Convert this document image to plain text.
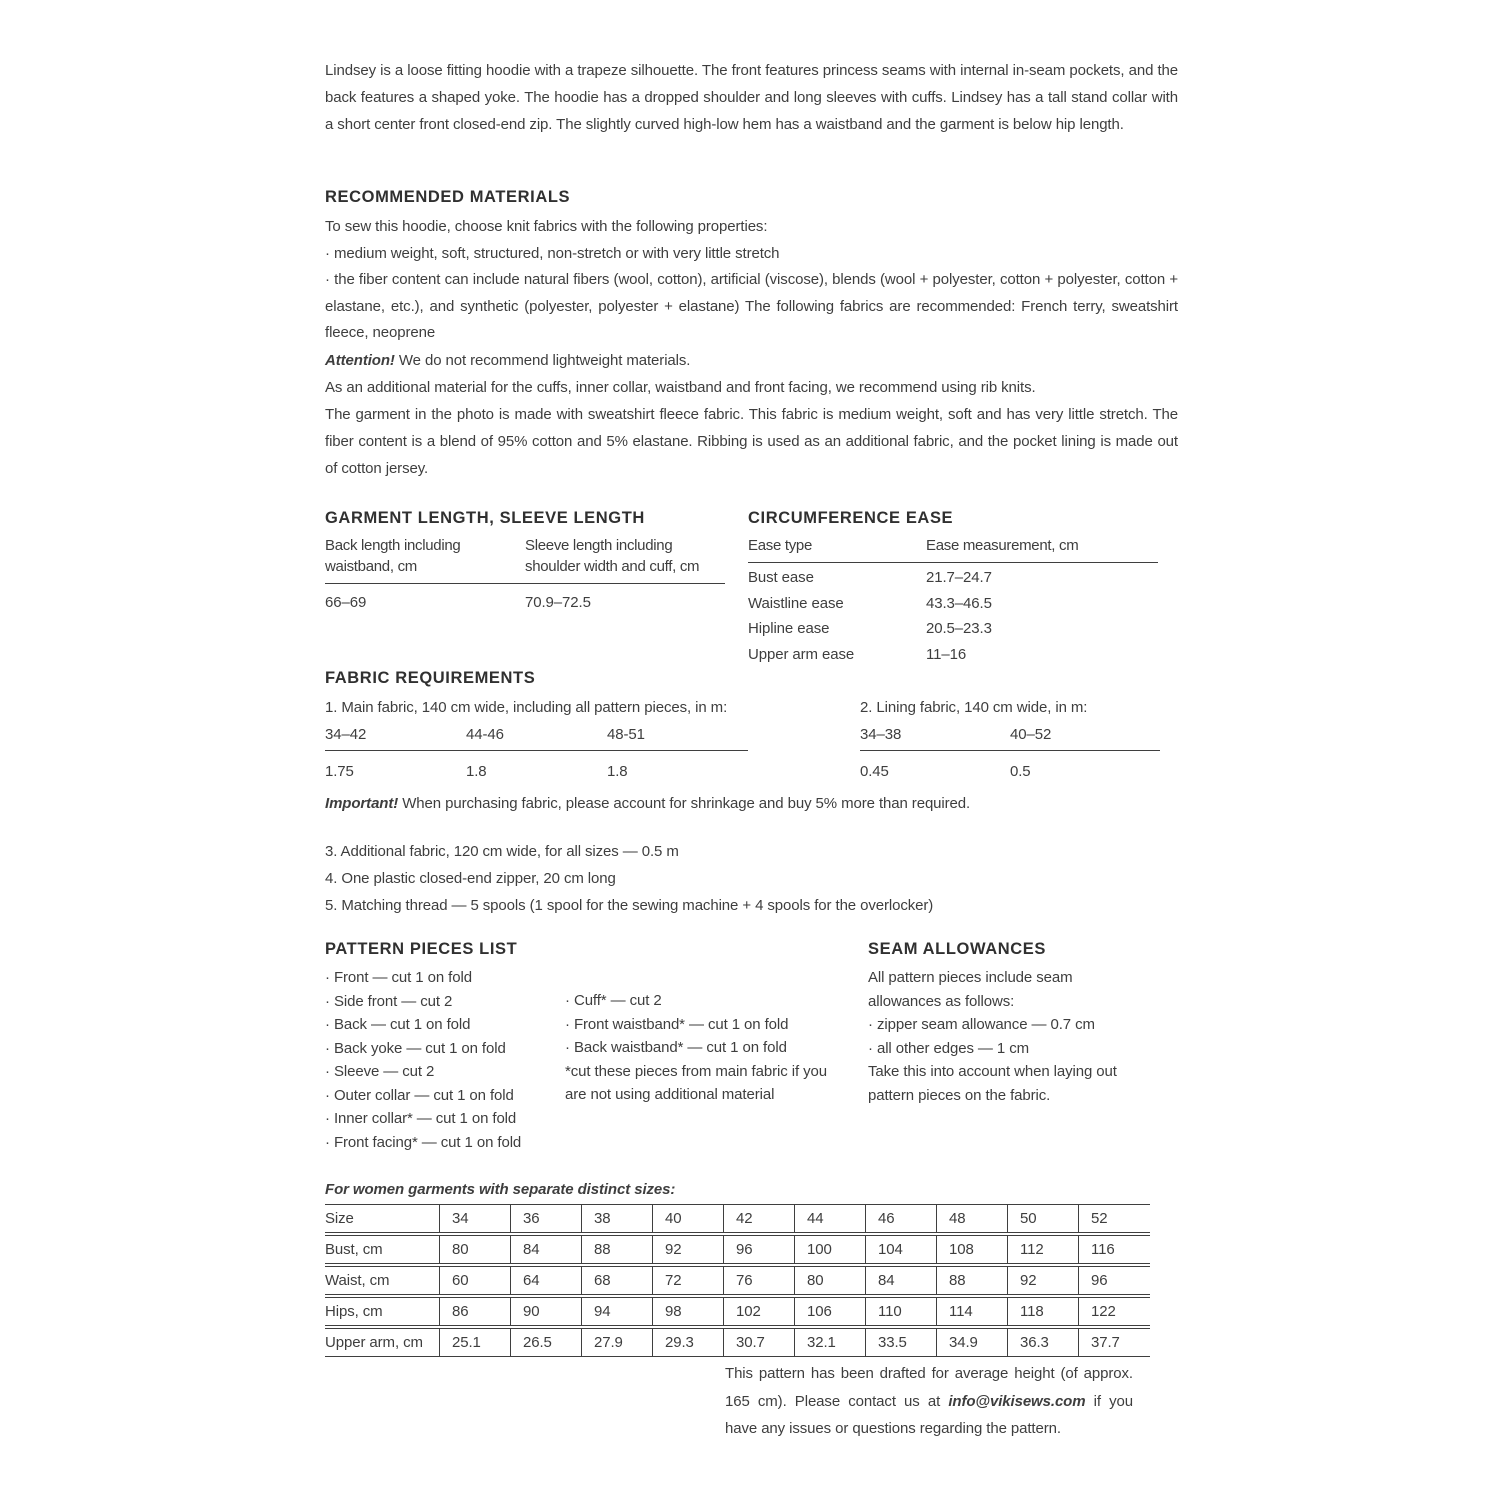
Lindsey is a loose fitting hoodie with a trapeze silhouette. The front features princess seams with internal in-seam pockets, and the back features a shaped yoke. The hoodie has a dropped shoulder and long sleeves with cuffs. Lindsey has a tall stand collar with a short center front closed-end zip. The slightly curved high-low hem has a waistband and the garment is below hip length.

RECOMMENDED MATERIALS

To sew this hoodie, choose knit fabrics with the following properties:

· medium weight, soft, structured, non-stretch or with very little stretch

· the fiber content can include natural fibers (wool, cotton), artificial (viscose), blends (wool + polyester, cotton + polyester, cotton + elastane, etc.), and synthetic (polyester, polyester + elastane) The following fabrics are recommended: French terry, sweatshirt fleece, neoprene

Attention! We do not recommend lightweight materials.

As an additional material for the cuffs, inner collar, waistband and front facing, we recommend using rib knits.

The garment in the photo is made with sweatshirt fleece fabric. This fabric is medium weight, soft and has very little stretch. The fiber content is a blend of 95% cotton and 5% elastane. Ribbing is used as an additional fabric, and the pocket lining is made out of cotton jersey.

GARMENT LENGTH, SLEEVE LENGTH
Back length including waistband, cm	Sleeve length including shoulder width and cuff, cm
66–69	70.9–72.5
CIRCUMFERENCE EASE
Ease type	Ease measurement, cm
Bust ease	21.7–24.7
Waistline ease	43.3–46.5
Hipline ease	20.5–23.3
Upper arm ease	11–16
FABRIC REQUIREMENTS

1. Main fabric, 140 cm wide, including all pattern pieces, in m:

34–42	44-46	48-51
1.75	1.8	1.8

2. Lining fabric, 140 cm wide, in m:

34–38	40–52
0.45	0.5

Important! When purchasing fabric, please account for shrinkage and buy 5% more than required.

3. Additional fabric, 120 cm wide, for all sizes — 0.5 m
4. One plastic closed-end zipper, 20 cm long
5. Matching thread — 5 spools (1 spool for the sewing machine + 4 spools for the overlocker)
PATTERN PIECES LIST
· Front — cut 1 on fold
· Side front — cut 2
· Back — cut 1 on fold
· Back yoke — cut 1 on fold
· Sleeve — cut 2
· Outer collar — cut 1 on fold
· Inner collar* — cut 1 on fold
· Front facing* — cut 1 on fold
· Cuff* — cut 2
· Front waistband* — cut 1 on fold
· Back waistband* — cut 1 on fold

*cut these pieces from main fabric if you are not using additional material

SEAM ALLOWANCES

All pattern pieces include seam allowances as follows:

· zipper seam allowance — 0.7 cm

· all other edges — 1 cm

Take this into account when laying out pattern pieces on the fabric.

For women garments with separate distinct sizes:

Size	34	36	38	40	42	44	46	48	50	52
Bust, cm	80	84	88	92	96	100	104	108	112	116
Waist, cm	60	64	68	72	76	80	84	88	92	96
Hips, cm	86	90	94	98	102	106	110	114	118	122
Upper arm, cm	25.1	26.5	27.9	29.3	30.7	32.1	33.5	34.9	36.3	37.7

This pattern has been drafted for average height (of approx. 165 cm). Please contact us at info@vikisews.com if you have any issues or questions regarding the pattern.
